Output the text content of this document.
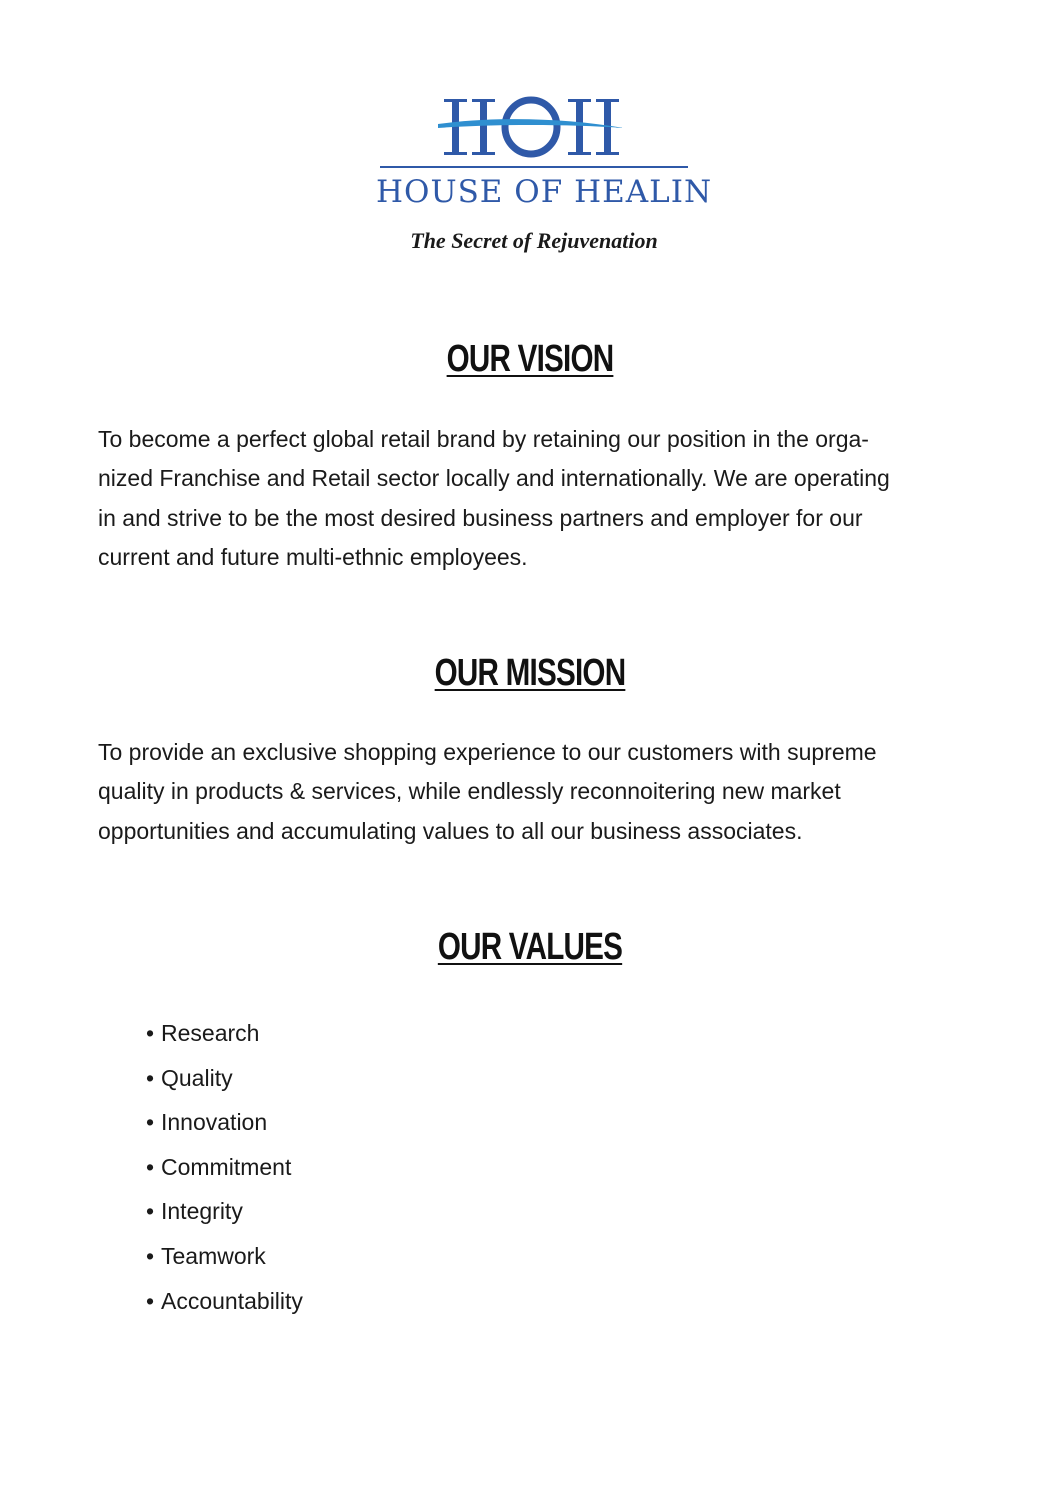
HOUSE OF HEALIN
The Secret of Rejuvenation
OUR VISION
To become a perfect global retail brand by retaining our position in the orga-
nized Franchise and Retail sector locally and internationally. We are operating
in and strive to be the most desired business partners and employer for our
current and future multi-ethnic employees.
OUR MISSION
To provide an exclusive shopping experience to our customers with supreme
quality in products & services, while endlessly reconnoitering new market
opportunities and accumulating values to all our business associates.
OUR VALUES
• Research
• Quality
• Innovation
• Commitment
• Integrity
• Teamwork
• Accountability
